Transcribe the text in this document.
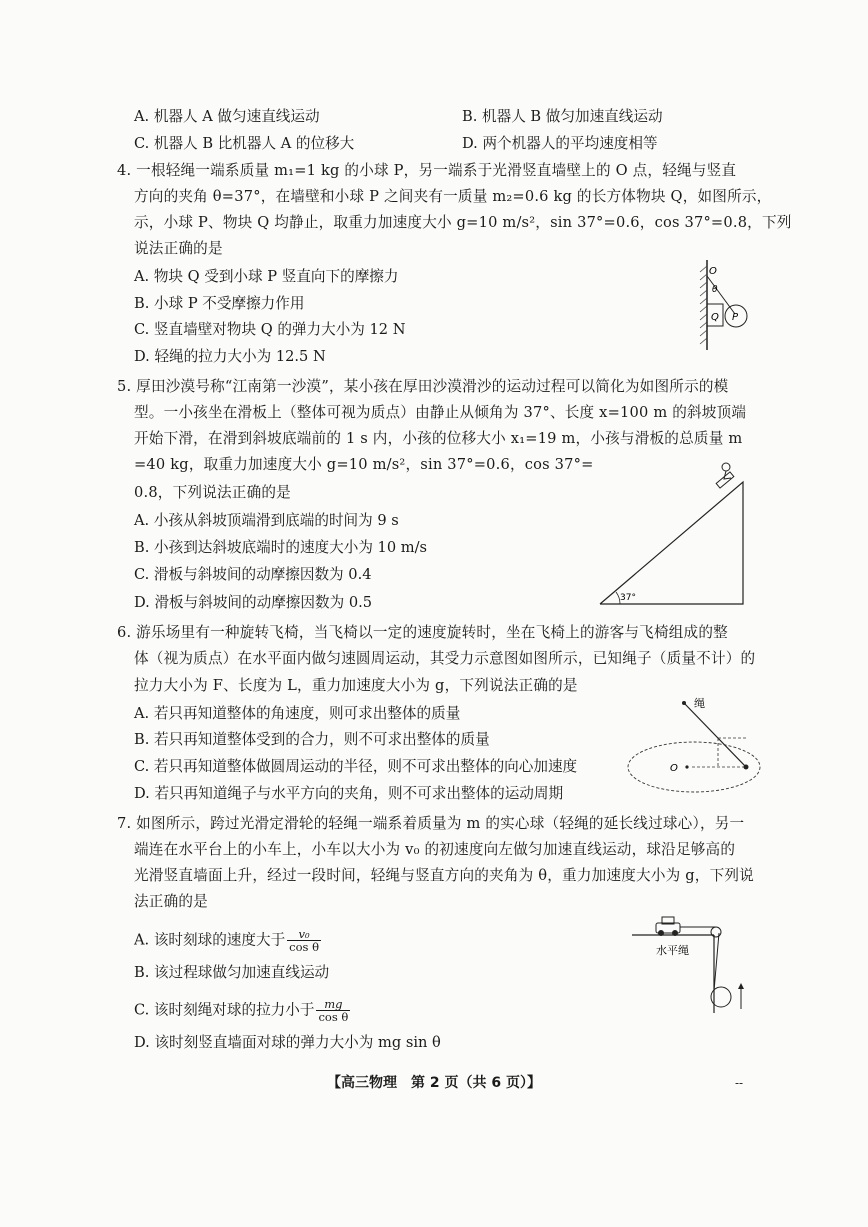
A. 机器人 A 做匀速直线运动	B. 机器人 B 做匀加速直线运动
C. 机器人 B 比机器人 A 的位移大	D. 两个机器人的平均速度相等
4. 一根轻绳一端系质量 m₁=1 kg 的小球 P，另一端系于光滑竖直墙壁上的 O 点，轻绳与竖直
方向的夹角 θ=37°，在墙壁和小球 P 之间夹有一质量 m₂=0.6 kg 的长方体物块 Q，如图所示，
示，小球 P、物块 Q 均静止，取重力加速度大小 g=10 m/s²，sin 37°=0.6，cos 37°=0.8，下列
说法正确的是
A. 物块 Q 受到小球 P 竖直向下的摩擦力
B. 小球 P 不受摩擦力作用
C. 竖直墙壁对物块 Q 的弹力大小为 12 N
D. 轻绳的拉力大小为 12.5 N
O
θ
Q P
5. 厚田沙漠号称“江南第一沙漠”，某小孩在厚田沙漠滑沙的运动过程可以简化为如图所示的模
型。一小孩坐在滑板上（整体可视为质点）由静止从倾角为 37°、长度 x=100 m 的斜坡顶端
开始下滑，在滑到斜坡底端前的 1 s 内，小孩的位移大小 x₁=19 m，小孩与滑板的总质量 m
=40 kg，取重力加速度大小 g=10 m/s²，sin 37°=0.6，cos 37°=
0.8，下列说法正确的是
A. 小孩从斜坡顶端滑到底端的时间为 9 s
B. 小孩到达斜坡底端时的速度大小为 10 m/s
C. 滑板与斜坡间的动摩擦因数为 0.4
D. 滑板与斜坡间的动摩擦因数为 0.5	37°
6. 游乐场里有一种旋转飞椅，当飞椅以一定的速度旋转时，坐在飞椅上的游客与飞椅组成的整
体（视为质点）在水平面内做匀速圆周运动，其受力示意图如图所示，已知绳子（质量不计）的
拉力大小为 F、长度为 L，重力加速度大小为 g，下列说法正确的是
A. 若只再知道整体的角速度，则可求出整体的质量
B. 若只再知道整体受到的合力，则不可求出整体的质量
C. 若只再知道整体做圆周运动的半径，则不可求出整体的向心加速度
D. 若只再知道绳子与水平方向的夹角，则不可求出整体的运动周期
绳
O
7. 如图所示，跨过光滑定滑轮的轻绳一端系着质量为 m 的实心球（轻绳的延长线过球心），另一
端连在水平台上的小车上，小车以大小为 v₀ 的初速度向左做匀加速直线运动，球沿足够高的
光滑竖直墙面上升，经过一段时间，轻绳与竖直方向的夹角为 θ，重力加速度大小为 g，下列说
法正确的是
A. 该时刻球的速度大于 $\frac{\text{v₀}}{\text{cos θ}}$
B. 该过程球做匀加速直线运动
C. 该时刻绳对球的拉力小于 $\frac{mg}{\text{cos θ}}$
D. 该时刻竖直墙面对球的弹力大小为 mg sin θ
水平绳
【高三物理　第 2 页（共 6 页）】	--
